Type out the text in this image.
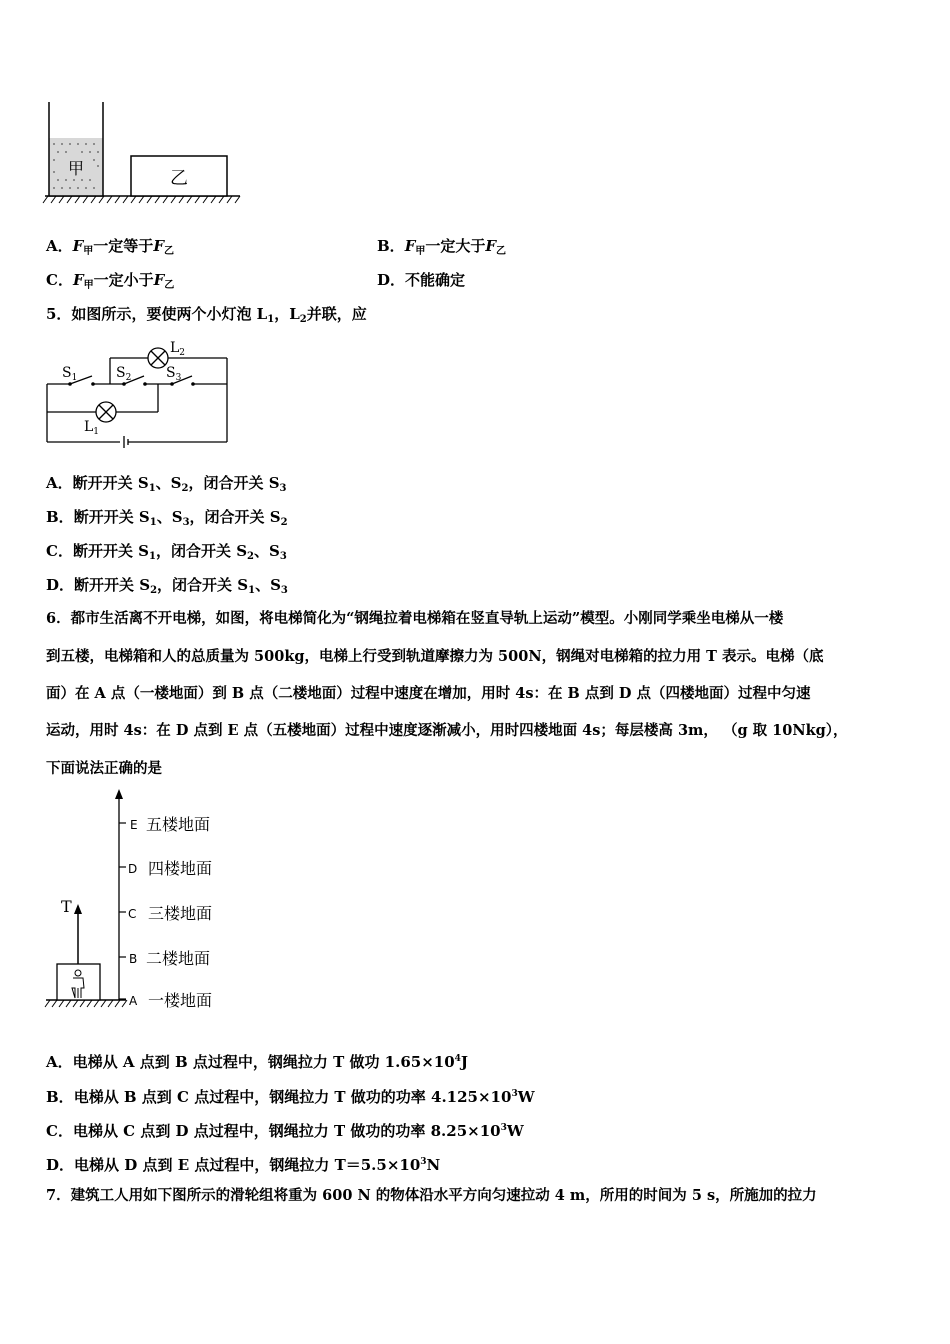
甲	乙
A．$F_甲$一定等于$F_乙$	B．$F_甲$一定大于$F_乙$
C．$F_甲$一定小于$F_乙$	D．不能确定
5．如图所示，要使两个小灯泡 $L_1$，$L_2$并联，应
$S_1$	$S_2$ $S_3$
$L_2$
$L_1$
A．断开开关 $S_1$、$S_2$，闭合开关 $S_3$
B．断开开关 $S_1$、$S_3$，闭合开关 $S_2$
C．断开开关 $S_1$，闭合开关 $S_2$、$S_3$
D．断开开关 $S_2$，闭合开关 $S_1$、$S_3$
6．都市生活离不开电梯，如图，将电梯简化为“钢绳拉着电梯箱在竖直导轨上运动”模型。小刚同学乘坐电梯从一楼
到五楼，电梯箱和人的总质量为 500kg，电梯上行受到轨道摩擦力为 500N，钢绳对电梯箱的拉力用 T 表示。电梯（底
面）在 A 点（一楼地面）到 B 点（二楼地面）过程中速度在增加，用时 4s：在 B 点到 D 点（四楼地面）过程中匀速
运动，用时 4s：在 D 点到 E 点（五楼地面）过程中速度逐渐减小，用时四楼地面 4s；每层楼高 3m， （g 取 10Nkg），
下面说法正确的是
T
E 五楼地面
D 四楼地面
C 三楼地面
B 二楼地面
A 一楼地面
A．电梯从 A 点到 B 点过程中，钢绳拉力 T 做功 $1.65\times 10^4J$
B．电梯从 B 点到 C 点过程中，钢绳拉力 T 做功的功率 $4.125\times 10^3W$
C．电梯从 C 点到 D 点过程中，钢绳拉力 T 做功的功率 $8.25\times 10^3W$
D．电梯从 D 点到 E 点过程中，钢绳拉力 $T=5.5\times 10^3N$
7．建筑工人用如下图所示的滑轮组将重为 600 N 的物体沿水平方向匀速拉动 4 m，所用的时间为 5 s，所施加的拉力
